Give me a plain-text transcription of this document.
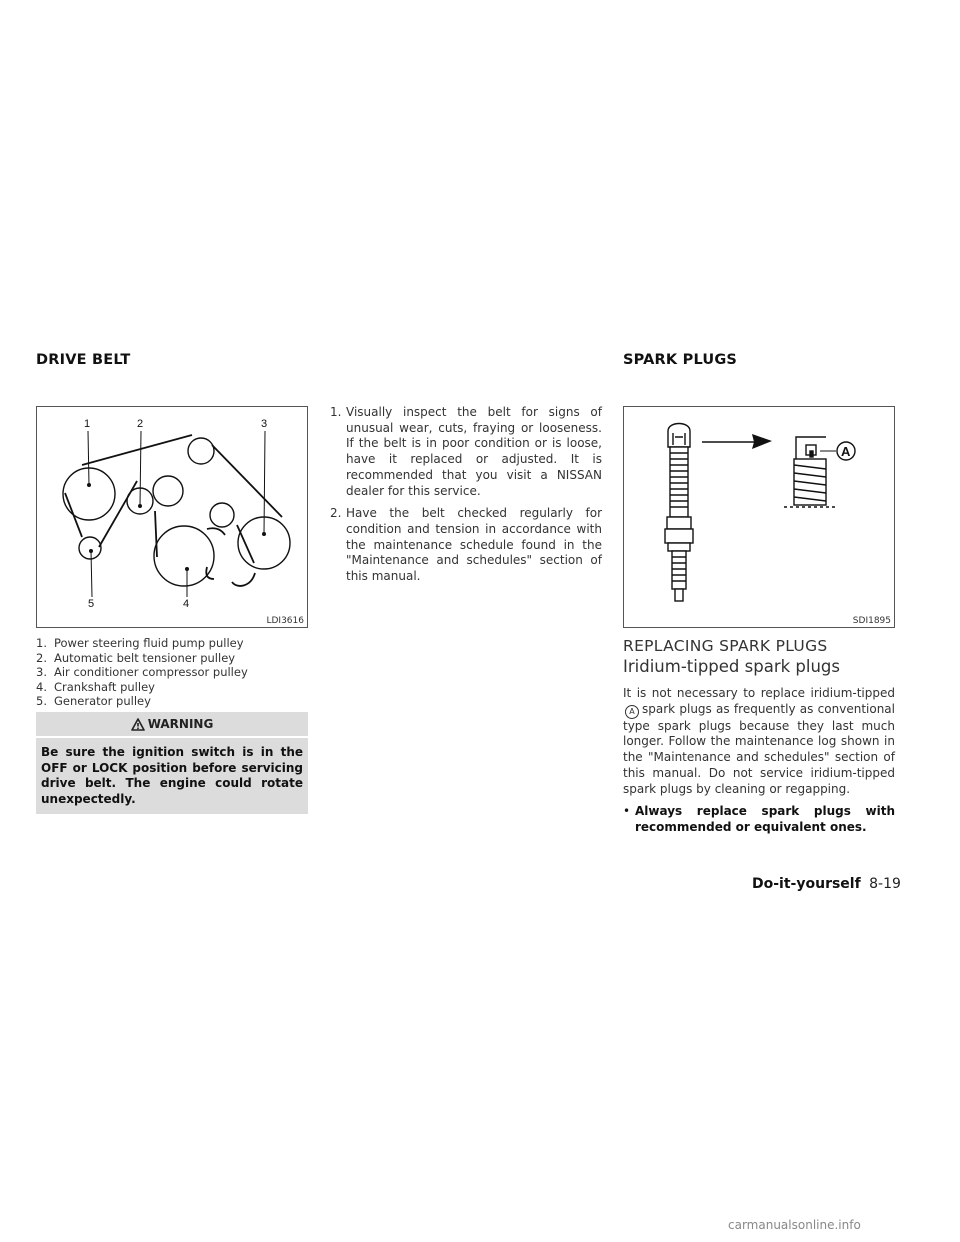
DRIVE BELT
1	2	3
4
5
LDI3616
1. Power steering fluid pump pulley
2. Automatic belt tensioner pulley
3. Air conditioner compressor pulley
4. Crankshaft pulley
5. Generator pulley
WARNING
Be sure the ignition switch is in the OFF or LOCK position before servicing drive belt. The engine could rotate unexpectedly.
1. Visually inspect the belt for signs of unusual wear, cuts, fraying or looseness. If the belt is in poor condition or is loose, have it replaced or adjusted. It is recommended that you visit a NISSAN dealer for this service.
2. Have the belt checked regularly for condition and tension in accordance with the maintenance schedule found in the "Maintenance and schedules" section of this manual.
SPARK PLUGS
A
SDI1895
REPLACING SPARK PLUGS
Iridium-tipped spark plugs
It is not necessary to replace iridium-tippedA spark plugs as frequently as conventional type spark plugs because they last much longer. Follow the maintenance log shown in the "Maintenance and schedules" section of this manual. Do not service iridium-tipped spark plugs by cleaning or regapping.
• Always replace spark plugs with recommended or equivalent ones.
Do-it-yourself 8-19
carmanualsonline.info
